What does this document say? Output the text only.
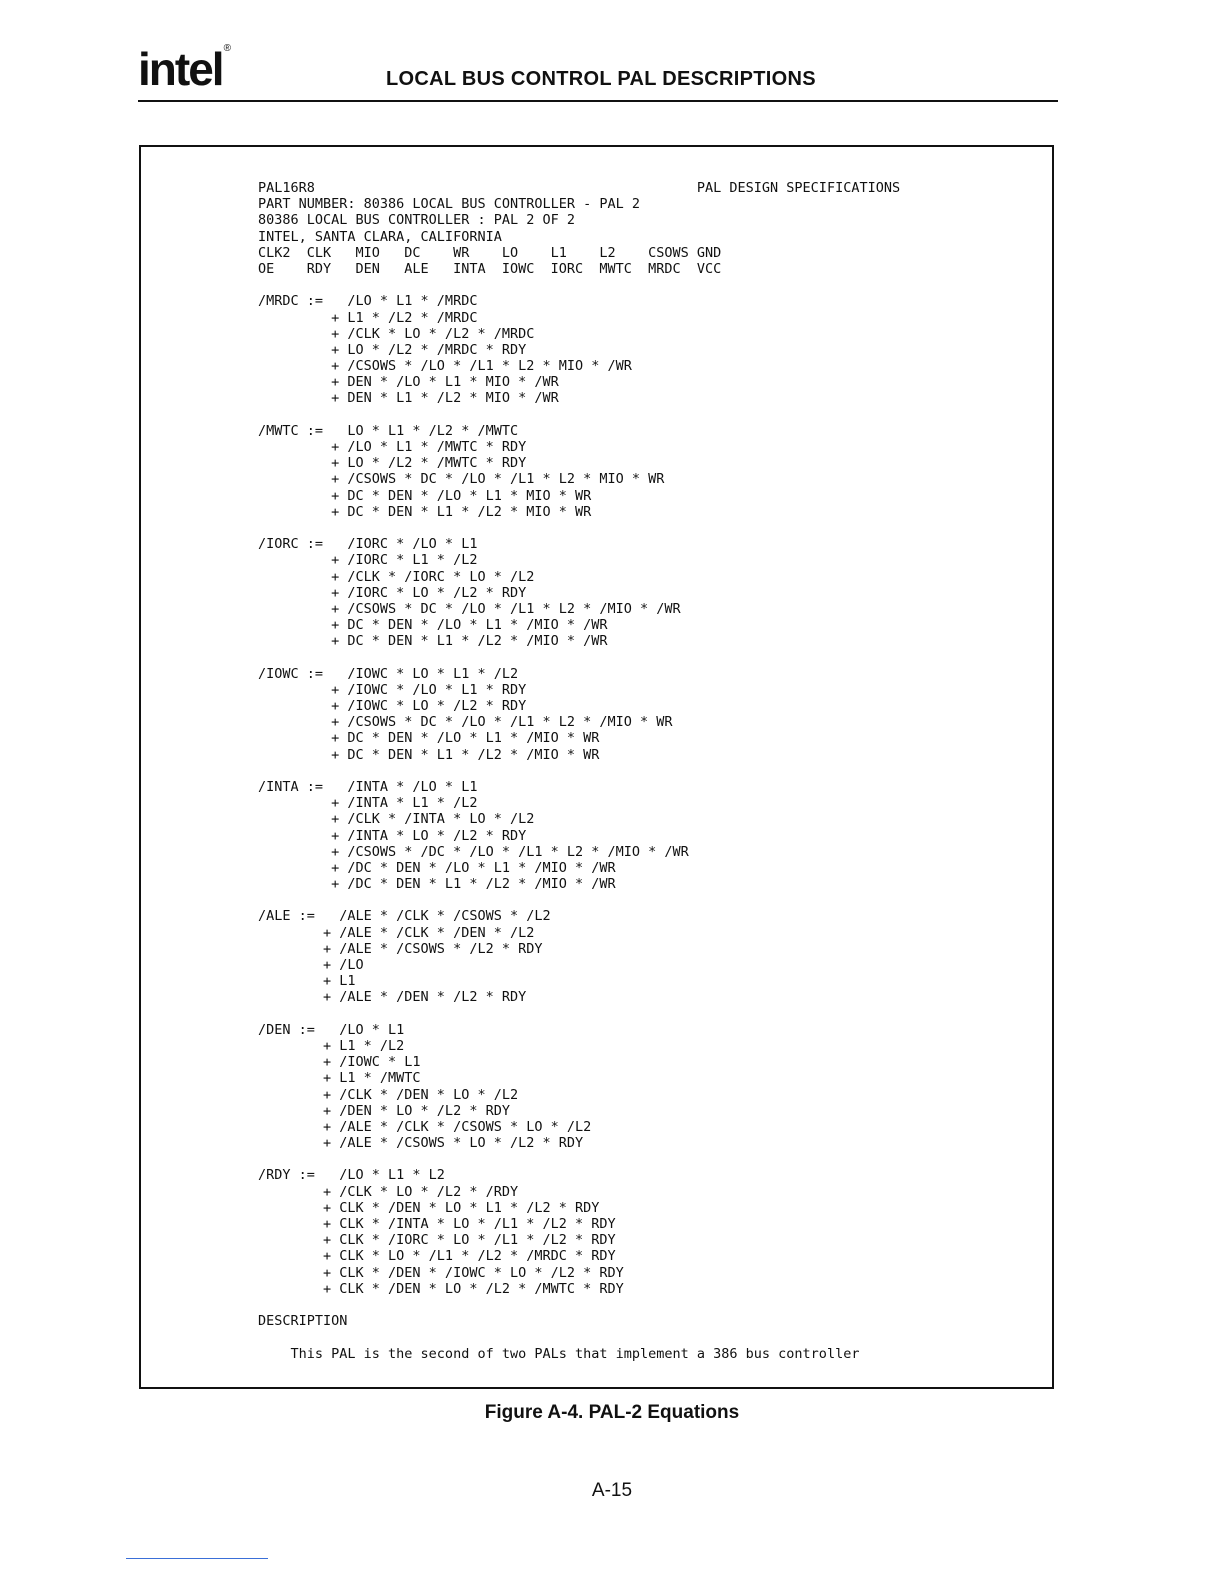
intel®
LOCAL BUS CONTROL PAL DESCRIPTIONS
PAL16R8                                               PAL DESIGN SPECIFICATIONS
PART NUMBER: 80386 LOCAL BUS CONTROLLER - PAL 2
80386 LOCAL BUS CONTROLLER : PAL 2 OF 2
INTEL, SANTA CLARA, CALIFORNIA
CLK2  CLK   MIO   DC    WR    LO    L1    L2    CSOWS GND
OE    RDY   DEN   ALE   INTA  IOWC  IORC  MWTC  MRDC  VCC
/MRDC :=   /LO * L1 * /MRDC
+ L1 * /L2 * /MRDC
+ /CLK * LO * /L2 * /MRDC
+ LO * /L2 * /MRDC * RDY
+ /CSOWS * /LO * /L1 * L2 * MIO * /WR
+ DEN * /LO * L1 * MIO * /WR
+ DEN * L1 * /L2 * MIO * /WR
/MWTC :=   LO * L1 * /L2 * /MWTC
+ /LO * L1 * /MWTC * RDY
+ LO * /L2 * /MWTC * RDY
+ /CSOWS * DC * /LO * /L1 * L2 * MIO * WR
+ DC * DEN * /LO * L1 * MIO * WR
+ DC * DEN * L1 * /L2 * MIO * WR
/IORC :=   /IORC * /LO * L1
+ /IORC * L1 * /L2
+ /CLK * /IORC * LO * /L2
+ /IORC * LO * /L2 * RDY
+ /CSOWS * DC * /LO * /L1 * L2 * /MIO * /WR
+ DC * DEN * /LO * L1 * /MIO * /WR
+ DC * DEN * L1 * /L2 * /MIO * /WR
/IOWC :=   /IOWC * LO * L1 * /L2
+ /IOWC * /LO * L1 * RDY
+ /IOWC * LO * /L2 * RDY
+ /CSOWS * DC * /LO * /L1 * L2 * /MIO * WR
+ DC * DEN * /LO * L1 * /MIO * WR
+ DC * DEN * L1 * /L2 * /MIO * WR
/INTA :=   /INTA * /LO * L1
+ /INTA * L1 * /L2
+ /CLK * /INTA * LO * /L2
+ /INTA * LO * /L2 * RDY
+ /CSOWS * /DC * /LO * /L1 * L2 * /MIO * /WR
+ /DC * DEN * /LO * L1 * /MIO * /WR
+ /DC * DEN * L1 * /L2 * /MIO * /WR
/ALE :=   /ALE * /CLK * /CSOWS * /L2
+ /ALE * /CLK * /DEN * /L2
+ /ALE * /CSOWS * /L2 * RDY
+ /LO
+ L1
+ /ALE * /DEN * /L2 * RDY
/DEN :=   /LO * L1
+ L1 * /L2
+ /IOWC * L1
+ L1 * /MWTC
+ /CLK * /DEN * LO * /L2
+ /DEN * LO * /L2 * RDY
+ /ALE * /CLK * /CSOWS * LO * /L2
+ /ALE * /CSOWS * LO * /L2 * RDY
/RDY :=   /LO * L1 * L2
+ /CLK * LO * /L2 * /RDY
+ CLK * /DEN * LO * L1 * /L2 * RDY
+ CLK * /INTA * LO * /L1 * /L2 * RDY
+ CLK * /IORC * LO * /L1 * /L2 * RDY
+ CLK * LO * /L1 * /L2 * /MRDC * RDY
+ CLK * /DEN * /IOWC * LO * /L2 * RDY
+ CLK * /DEN * LO * /L2 * /MWTC * RDY
DESCRIPTION
This PAL is the second of two PALs that implement a 386 bus controller
Figure A-4. PAL-2 Equations
A-15
